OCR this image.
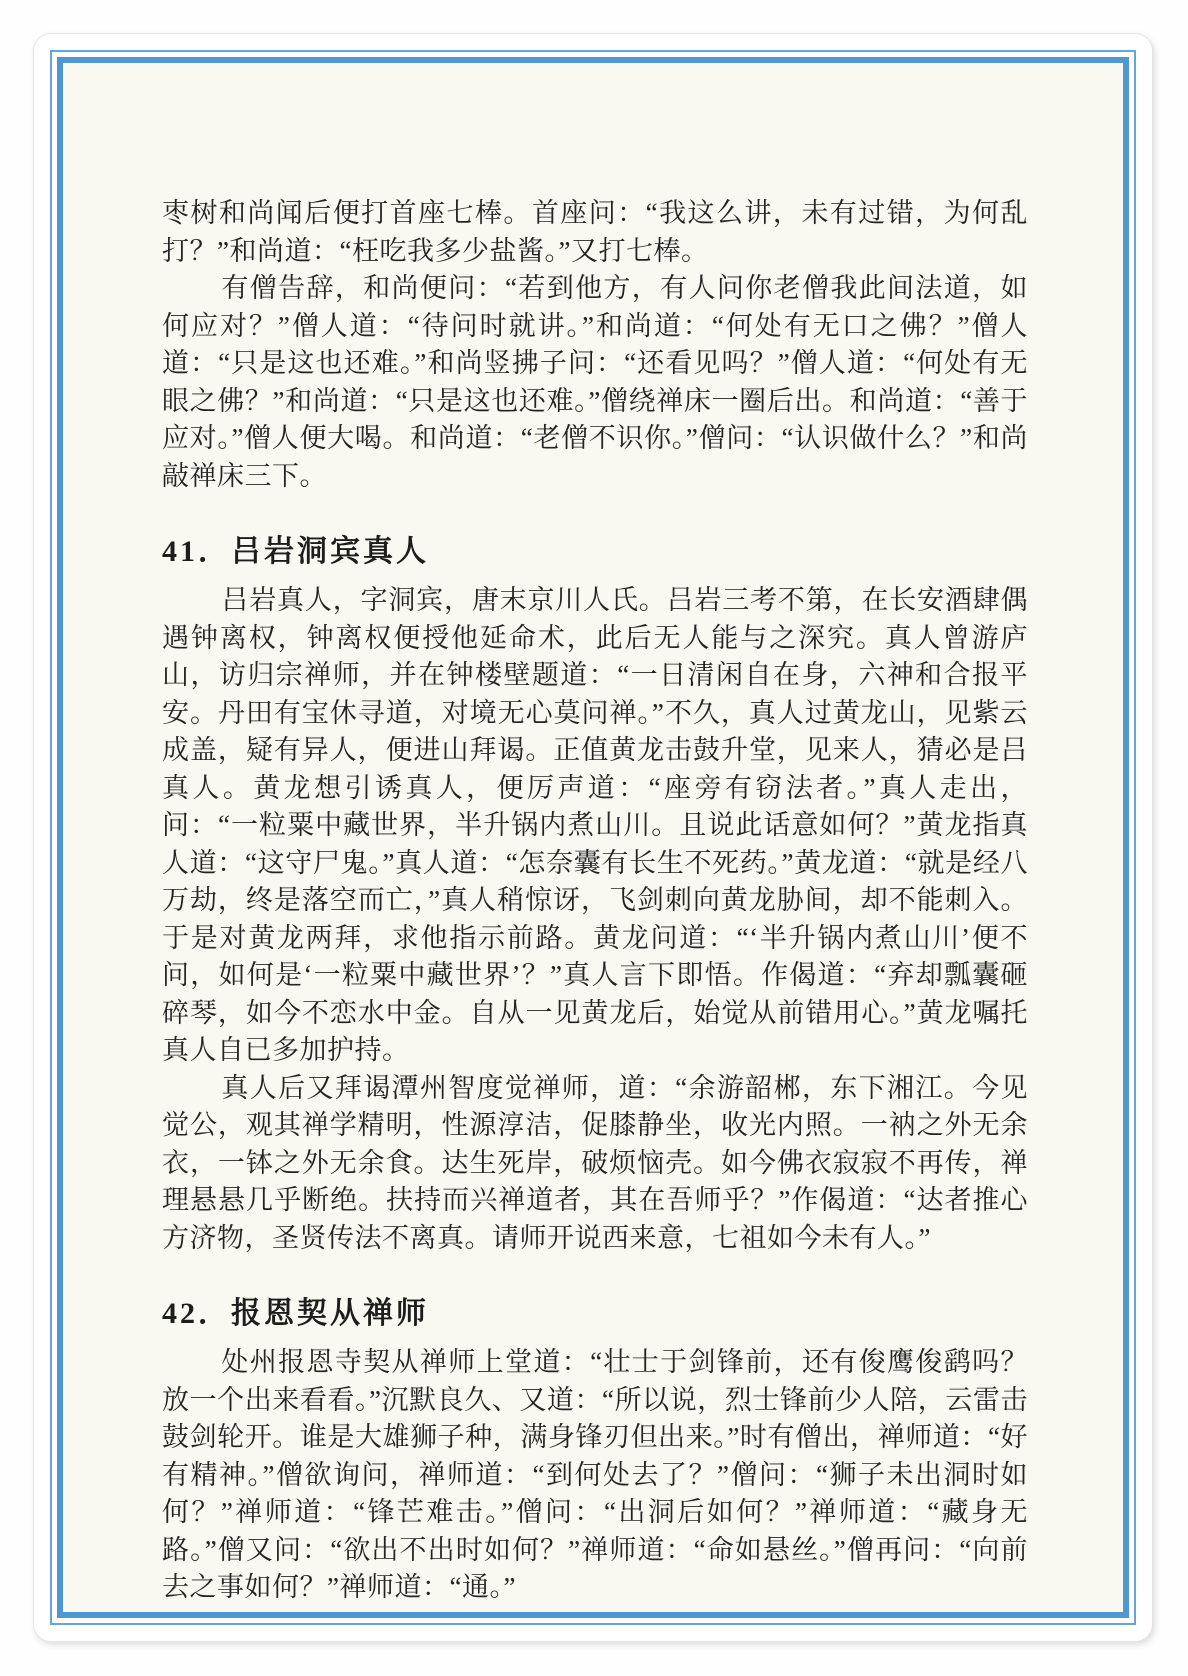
枣树和尚闻后便打首座七棒。首座问：“我这么讲，未有过错，为何乱打？”和尚道：“枉吃我多少盐酱。”又打七棒。

有僧告辞，和尚便问：“若到他方，有人问你老僧我此间法道，如何应对？”僧人道：“待问时就讲。”和尚道：“何处有无口之佛？”僧人道：“只是这也还难。”和尚竖拂子问：“还看见吗？”僧人道：“何处有无眼之佛？”和尚道：“只是这也还难。”僧绕禅床一圈后出。和尚道：“善于应对。”僧人便大喝。和尚道：“老僧不识你。”僧问：“认识做什么？”和尚敲禅床三下。

41．吕岩洞宾真人

吕岩真人，字洞宾，唐末京川人氏。吕岩三考不第，在长安酒肆偶遇钟离权，钟离权便授他延命术，此后无人能与之深究。真人曾游庐山，访归宗禅师，并在钟楼壁题道：“一日清闲自在身，六神和合报平安。丹田有宝休寻道，对境无心莫问禅。”不久，真人过黄龙山，见紫云成盖，疑有异人，便进山拜谒。正值黄龙击鼓升堂，见来人，猜必是吕真人。黄龙想引诱真人，便厉声道：“座旁有窃法者。”真人走出，问：“一粒粟中藏世界，半升锅内煮山川。且说此话意如何？”黄龙指真人道：“这守尸鬼。”真人道：“怎奈囊有长生不死药。”黄龙道：“就是经八万劫，终是落空而亡，”真人稍惊讶，飞剑刺向黄龙胁间，却不能刺入。于是对黄龙两拜，求他指示前路。黄龙问道：“‘半升锅内煮山川’便不问，如何是‘一粒粟中藏世界’？”真人言下即悟。作偈道：“弃却瓢囊砸碎琴，如今不恋水中金。自从一见黄龙后，始觉从前错用心。”黄龙嘱托真人自已多加护持。

真人后又拜谒潭州智度觉禅师，道：“余游韶郴，东下湘江。今见觉公，观其禅学精明，性源淳洁，促膝静坐，收光内照。一衲之外无余衣，一钵之外无余食。达生死岸，破烦恼壳。如今佛衣寂寂不再传，禅理悬悬几乎断绝。扶持而兴禅道者，其在吾师乎？”作偈道：“达者推心方济物，圣贤传法不离真。请师开说西来意，七祖如今未有人。”

42．报恩契从禅师

处州报恩寺契从禅师上堂道：“壮士于剑锋前，还有俊鹰俊鹞吗？放一个出来看看。”沉默良久、又道：“所以说，烈士锋前少人陪，云雷击鼓剑轮开。谁是大雄狮子种，满身锋刃但出来。”时有僧出，禅师道：“好有精神。”僧欲询问，禅师道：“到何处去了？”僧问：“狮子未出洞时如何？”禅师道：“锋芒难击。”僧问：“出洞后如何？”禅师道：“藏身无路。”僧又问：“欲出不出时如何？”禅师道：“命如悬丝。”僧再问：“向前去之事如何？”禅师道：“通。”
